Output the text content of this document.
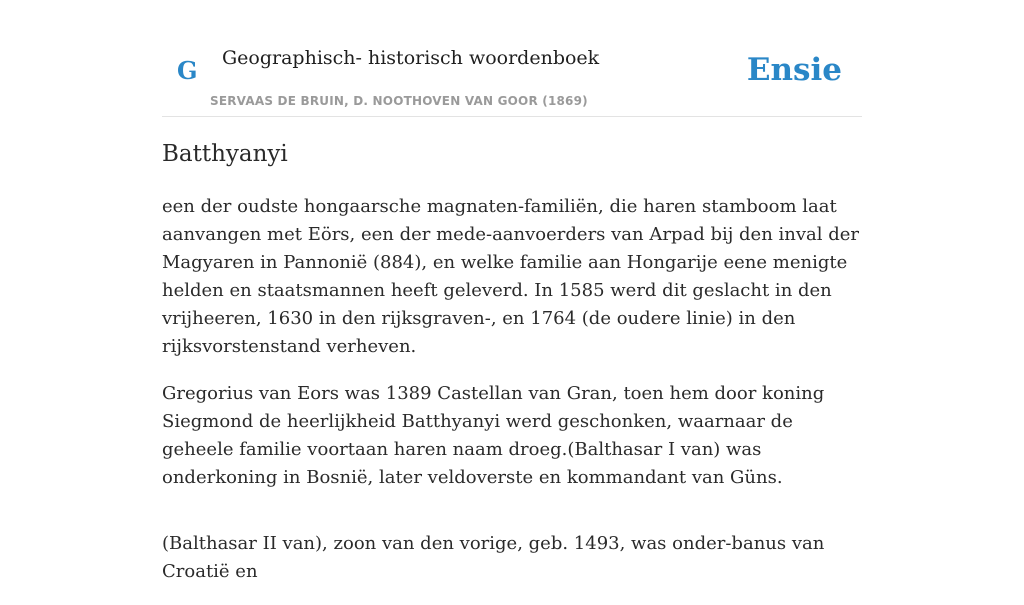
G Geographisch- historisch woordenboek
SERVAAS DE BRUIN, D. NOOTHOVEN VAN GOOR (1869)
Ensie
Batthyanyi

een der oudste hongaarsche magnaten-familiën, die haren stamboom laat aanvangen met Eörs, een der mede-aanvoerders van Arpad bij den inval der Magyaren in Pannonië (884), en welke familie aan Hongarije eene menigte helden en staatsmannen heeft geleverd. In 1585 werd dit geslacht in den vrijheeren, 1630 in den rijksgraven-, en 1764 (de oudere linie) in den rijksvorstenstand verheven.

Gregorius van Eors was 1389 Castellan van Gran, toen hem door koning Siegmond de heerlijkheid Batthyanyi werd geschonken, waarnaar de geheele familie voortaan haren naam droeg.(Balthasar I van) was onderkoning in Bosnië, later veldoverste en kommandant van Güns.

(Balthasar II van), zoon van den vorige, geb. 1493, was onder-banus van Croatië en
